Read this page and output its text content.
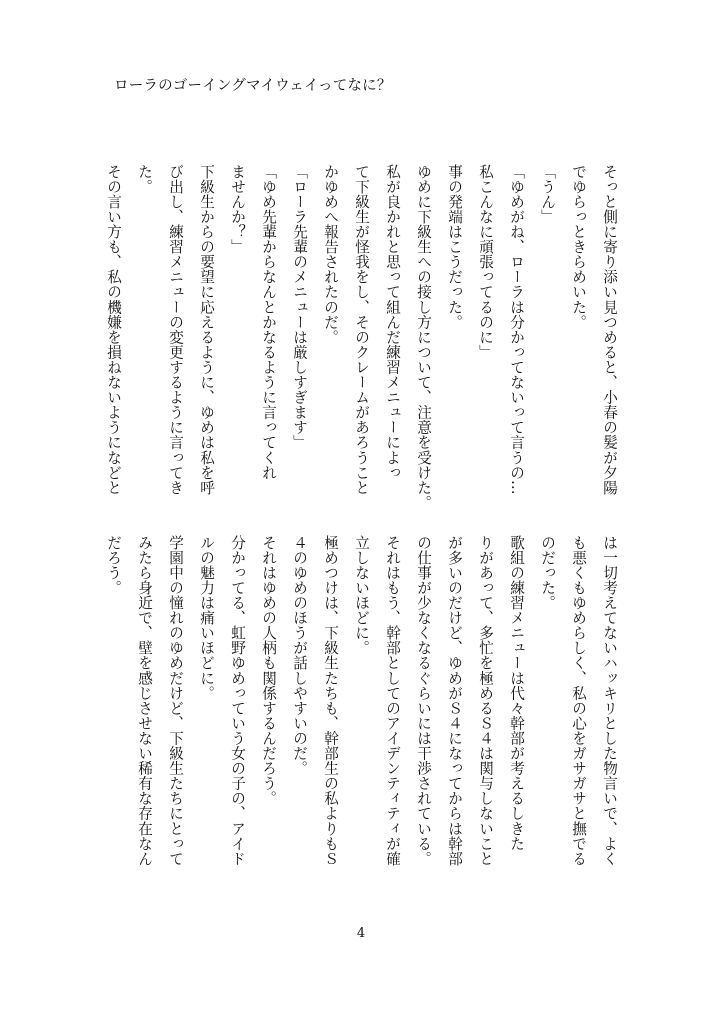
ローラのゴーイングマイウェイってなに？
そっと側に寄り添い見つめると、小春の髪が夕陽
でゆらっときらめいた。
「うん」
「ゆめがね、ローラは分かってないって言うの…
私こんなに頑張ってるのに」
事の発端はこうだった。
ゆめに下級生への接し方について、注意を受けた。
私が良かれと思って組んだ練習メニューによっ
て下級生が怪我をし、そのクレームがあろうこと
かゆめへ報告されたのだ。
「ローラ先輩のメニューは厳しすぎます」
「ゆめ先輩からなんとかなるように言ってくれ
ませんか？」
下級生からの要望に応えるように、ゆめは私を呼
び出し、練習メニューの変更するように言ってき
た。
その言い方も、私の機嫌を損ねないようになどと
は一切考えてないハッキリとした物言いで、よく
も悪くもゆめらしく、私の心をガサガサと撫でる
のだった。
歌組の練習メニューは代々幹部が考えるしきた
りがあって、多忙を極めるＳ４は関与しないこと
が多いのだけど、ゆめがＳ４になってからは幹部
の仕事が少なくなるぐらいには干渉されている。
それはもう、幹部としてのアイデンティティが確
立しないほどに。
極めつけは、下級生たちも、幹部生の私よりもＳ
４のゆめのほうが話しやすいのだ。
それはゆめの人柄も関係するんだろう。
分かってる、虹野ゆめっていう女の子の、アイド
ルの魅力は痛いほどに。
学園中の憧れのゆめだけど、下級生たちにとって
みたら身近で、壁を感じさせない稀有な存在なん
だろう。
4
